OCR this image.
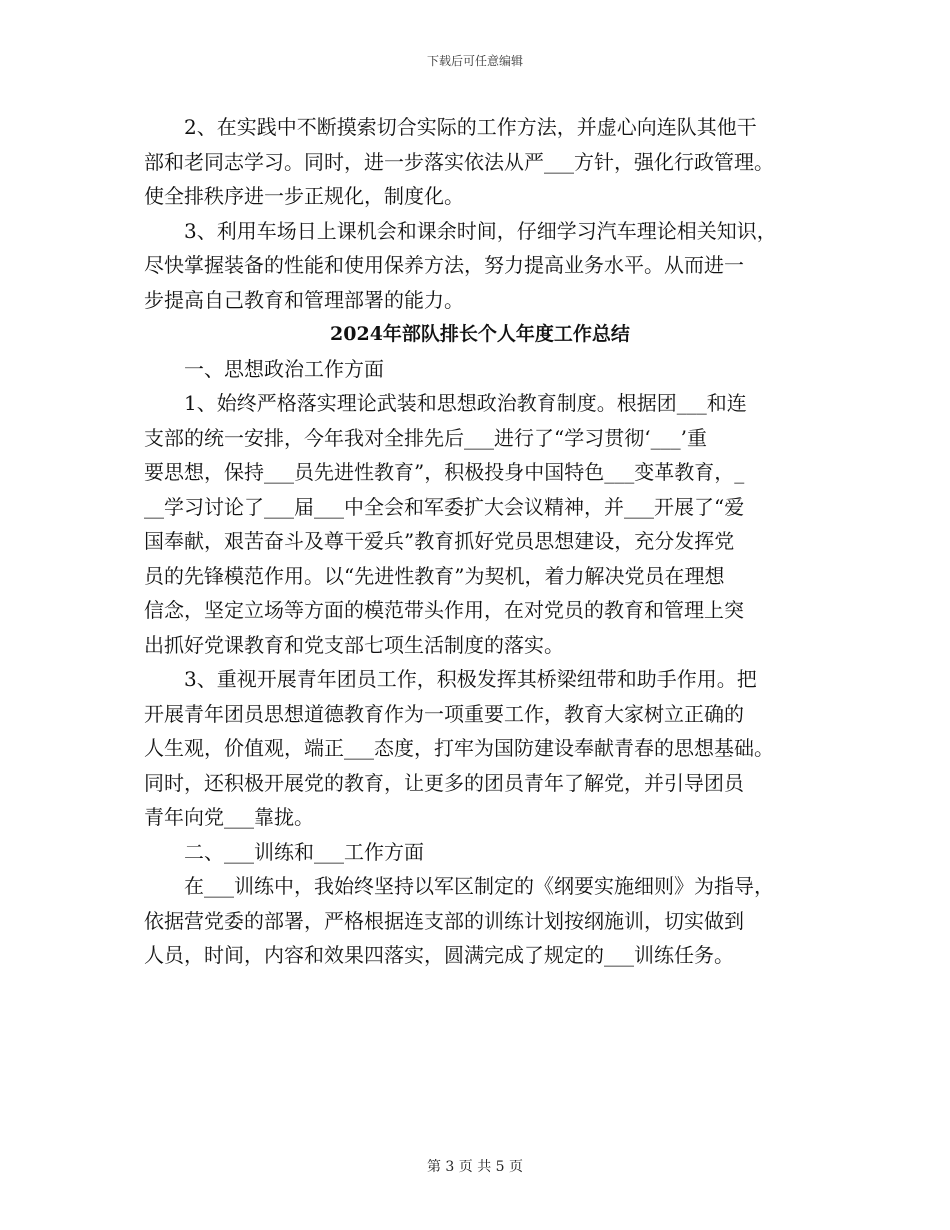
下载后可任意编辑

　　2、在实践中不断摸索切合实际的工作方法，并虚心向连队其他干
部和老同志学习。同时，进一步落实依法从严___方针，强化行政管理。
使全排秩序进一步正规化，制度化。

　　3、利用车场日上课机会和课余时间，仔细学习汽车理论相关知识，
尽快掌握装备的性能和使用保养方法，努力提高业务水平。从而进一
步提高自己教育和管理部署的能力。

2024年部队排长个人年度工作总结

　　一、思想政治工作方面

　　1、始终严格落实理论武装和思想政治教育制度。根据团___和连
支部的统一安排，今年我对全排先后___进行了“学习贯彻‘___’重
要思想，保持___员先进性教育”，积极投身中国特色___变革教育，_
__学习讨论了___届___中全会和军委扩大会议精神，并___开展了“爱
国奉献，艰苦奋斗及尊干爱兵”教育抓好党员思想建设，充分发挥党
员的先锋模范作用。以“先进性教育”为契机，着力解决党员在理想
信念，坚定立场等方面的模范带头作用，在对党员的教育和管理上突
出抓好党课教育和党支部七项生活制度的落实。

　　3、重视开展青年团员工作，积极发挥其桥梁纽带和助手作用。把
开展青年团员思想道德教育作为一项重要工作，教育大家树立正确的
人生观，价值观，端正___态度，打牢为国防建设奉献青春的思想基础。
同时，还积极开展党的教育，让更多的团员青年了解党，并引导团员
青年向党___靠拢。

　　二、___训练和___工作方面

　　在___训练中，我始终坚持以军区制定的《纲要实施细则》为指导，
依据营党委的部署，严格根据连支部的训练计划按纲施训，切实做到
人员，时间，内容和效果四落实，圆满完成了规定的___训练任务。

第 3 页 共 5 页
